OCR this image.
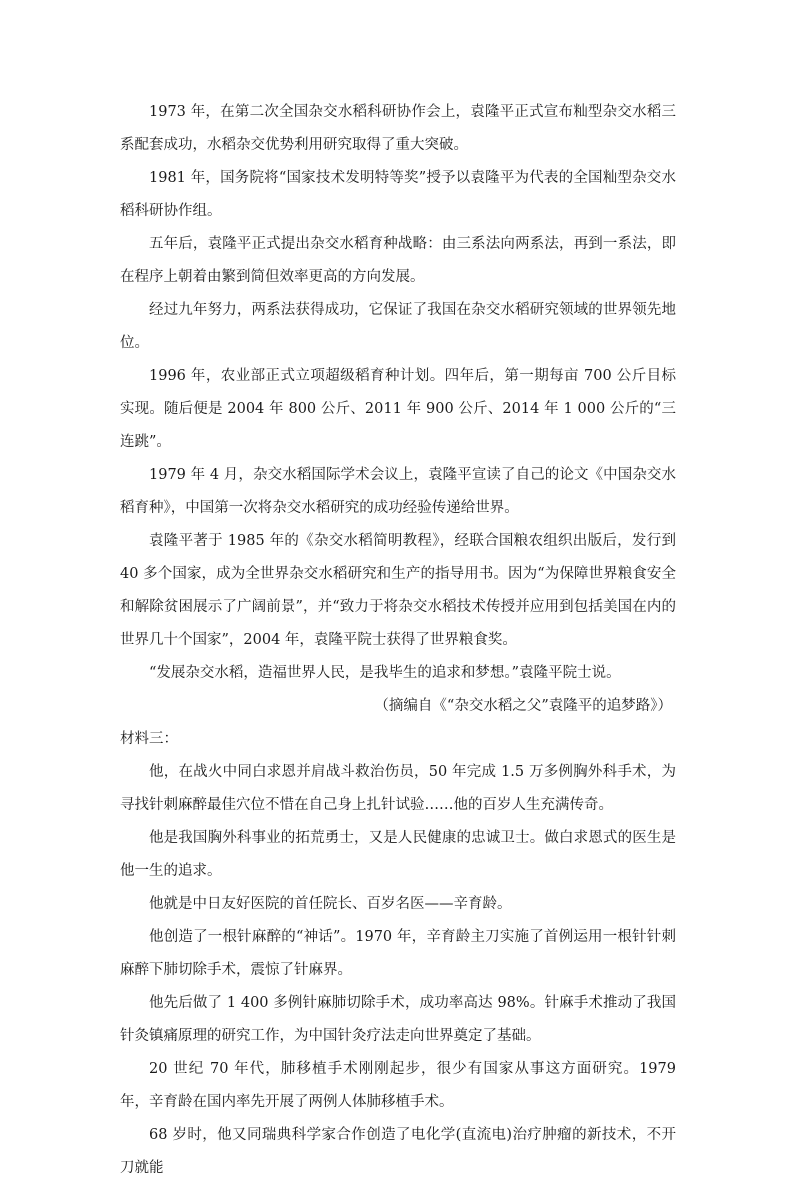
1973 年，在第二次全国杂交水稻科研协作会上，袁隆平正式宣布籼型杂交水稻三系配套成功，水稻杂交优势利用研究取得了重大突破。

1981 年，国务院将“国家技术发明特等奖”授予以袁隆平为代表的全国籼型杂交水稻科研协作组。

五年后，袁隆平正式提出杂交水稻育种战略：由三系法向两系法，再到一系法，即在程序上朝着由繁到简但效率更高的方向发展。

经过九年努力，两系法获得成功，它保证了我国在杂交水稻研究领域的世界领先地位。

1996 年，农业部正式立项超级稻育种计划。四年后，第一期每亩 700 公斤目标实现。随后便是 2004 年 800 公斤、2011 年 900 公斤、2014 年 1 000 公斤的“三连跳”。

1979 年 4 月，杂交水稻国际学术会议上，袁隆平宣读了自己的论文《中国杂交水稻育种》，中国第一次将杂交水稻研究的成功经验传递给世界。

袁隆平著于 1985 年的《杂交水稻简明教程》，经联合国粮农组织出版后，发行到 40 多个国家，成为全世界杂交水稻研究和生产的指导用书。因为“为保障世界粮食安全和解除贫困展示了广阔前景”，并“致力于将杂交水稻技术传授并应用到包括美国在内的世界几十个国家”，2004 年，袁隆平院士获得了世界粮食奖。

“发展杂交水稻，造福世界人民，是我毕生的追求和梦想。”袁隆平院士说。

（摘编自《“杂交水稻之父”袁隆平的追梦路》）

材料三：

他，在战火中同白求恩并肩战斗救治伤员，50 年完成 1.5 万多例胸外科手术，为寻找针刺麻醉最佳穴位不惜在自己身上扎针试验……他的百岁人生充满传奇。

他是我国胸外科事业的拓荒勇士，又是人民健康的忠诚卫士。做白求恩式的医生是他一生的追求。

他就是中日友好医院的首任院长、百岁名医——辛育龄。

他创造了一根针麻醉的“神话”。1970 年，辛育龄主刀实施了首例运用一根针针刺麻醉下肺切除手术，震惊了针麻界。

他先后做了 1 400 多例针麻肺切除手术，成功率高达 98%。针麻手术推动了我国针灸镇痛原理的研究工作，为中国针灸疗法走向世界奠定了基础。

20 世纪 70 年代，肺移植手术刚刚起步，很少有国家从事这方面研究。1979 年，辛育龄在国内率先开展了两例人体肺移植手术。

68 岁时，他又同瑞典科学家合作创造了电化学(直流电)治疗肿瘤的新技术，不开刀就能
